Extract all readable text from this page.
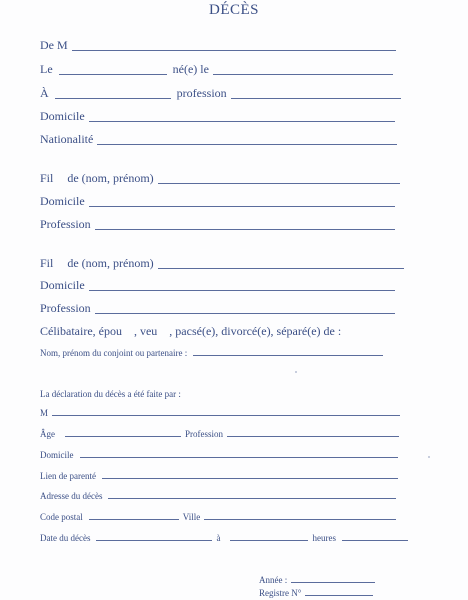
DÉCÈS
De M
Le	né(e) le
À	profession
Domicile
Nationalité
Fil de (nom, prénom)
Domicile
Profession
Fil de (nom, prénom)
Domicile
Profession
Célibataire, épou    , veu    , pacsé(e), divorcé(e), séparé(e) de :
Nom, prénom du conjoint ou partenaire :
La déclaration du décès a été faite par :
M
Âge	Profession
Domicile
Lien de parenté
Adresse du décès
Code postal	Ville
Date du décès	à	heures
Année :
Registre N°
